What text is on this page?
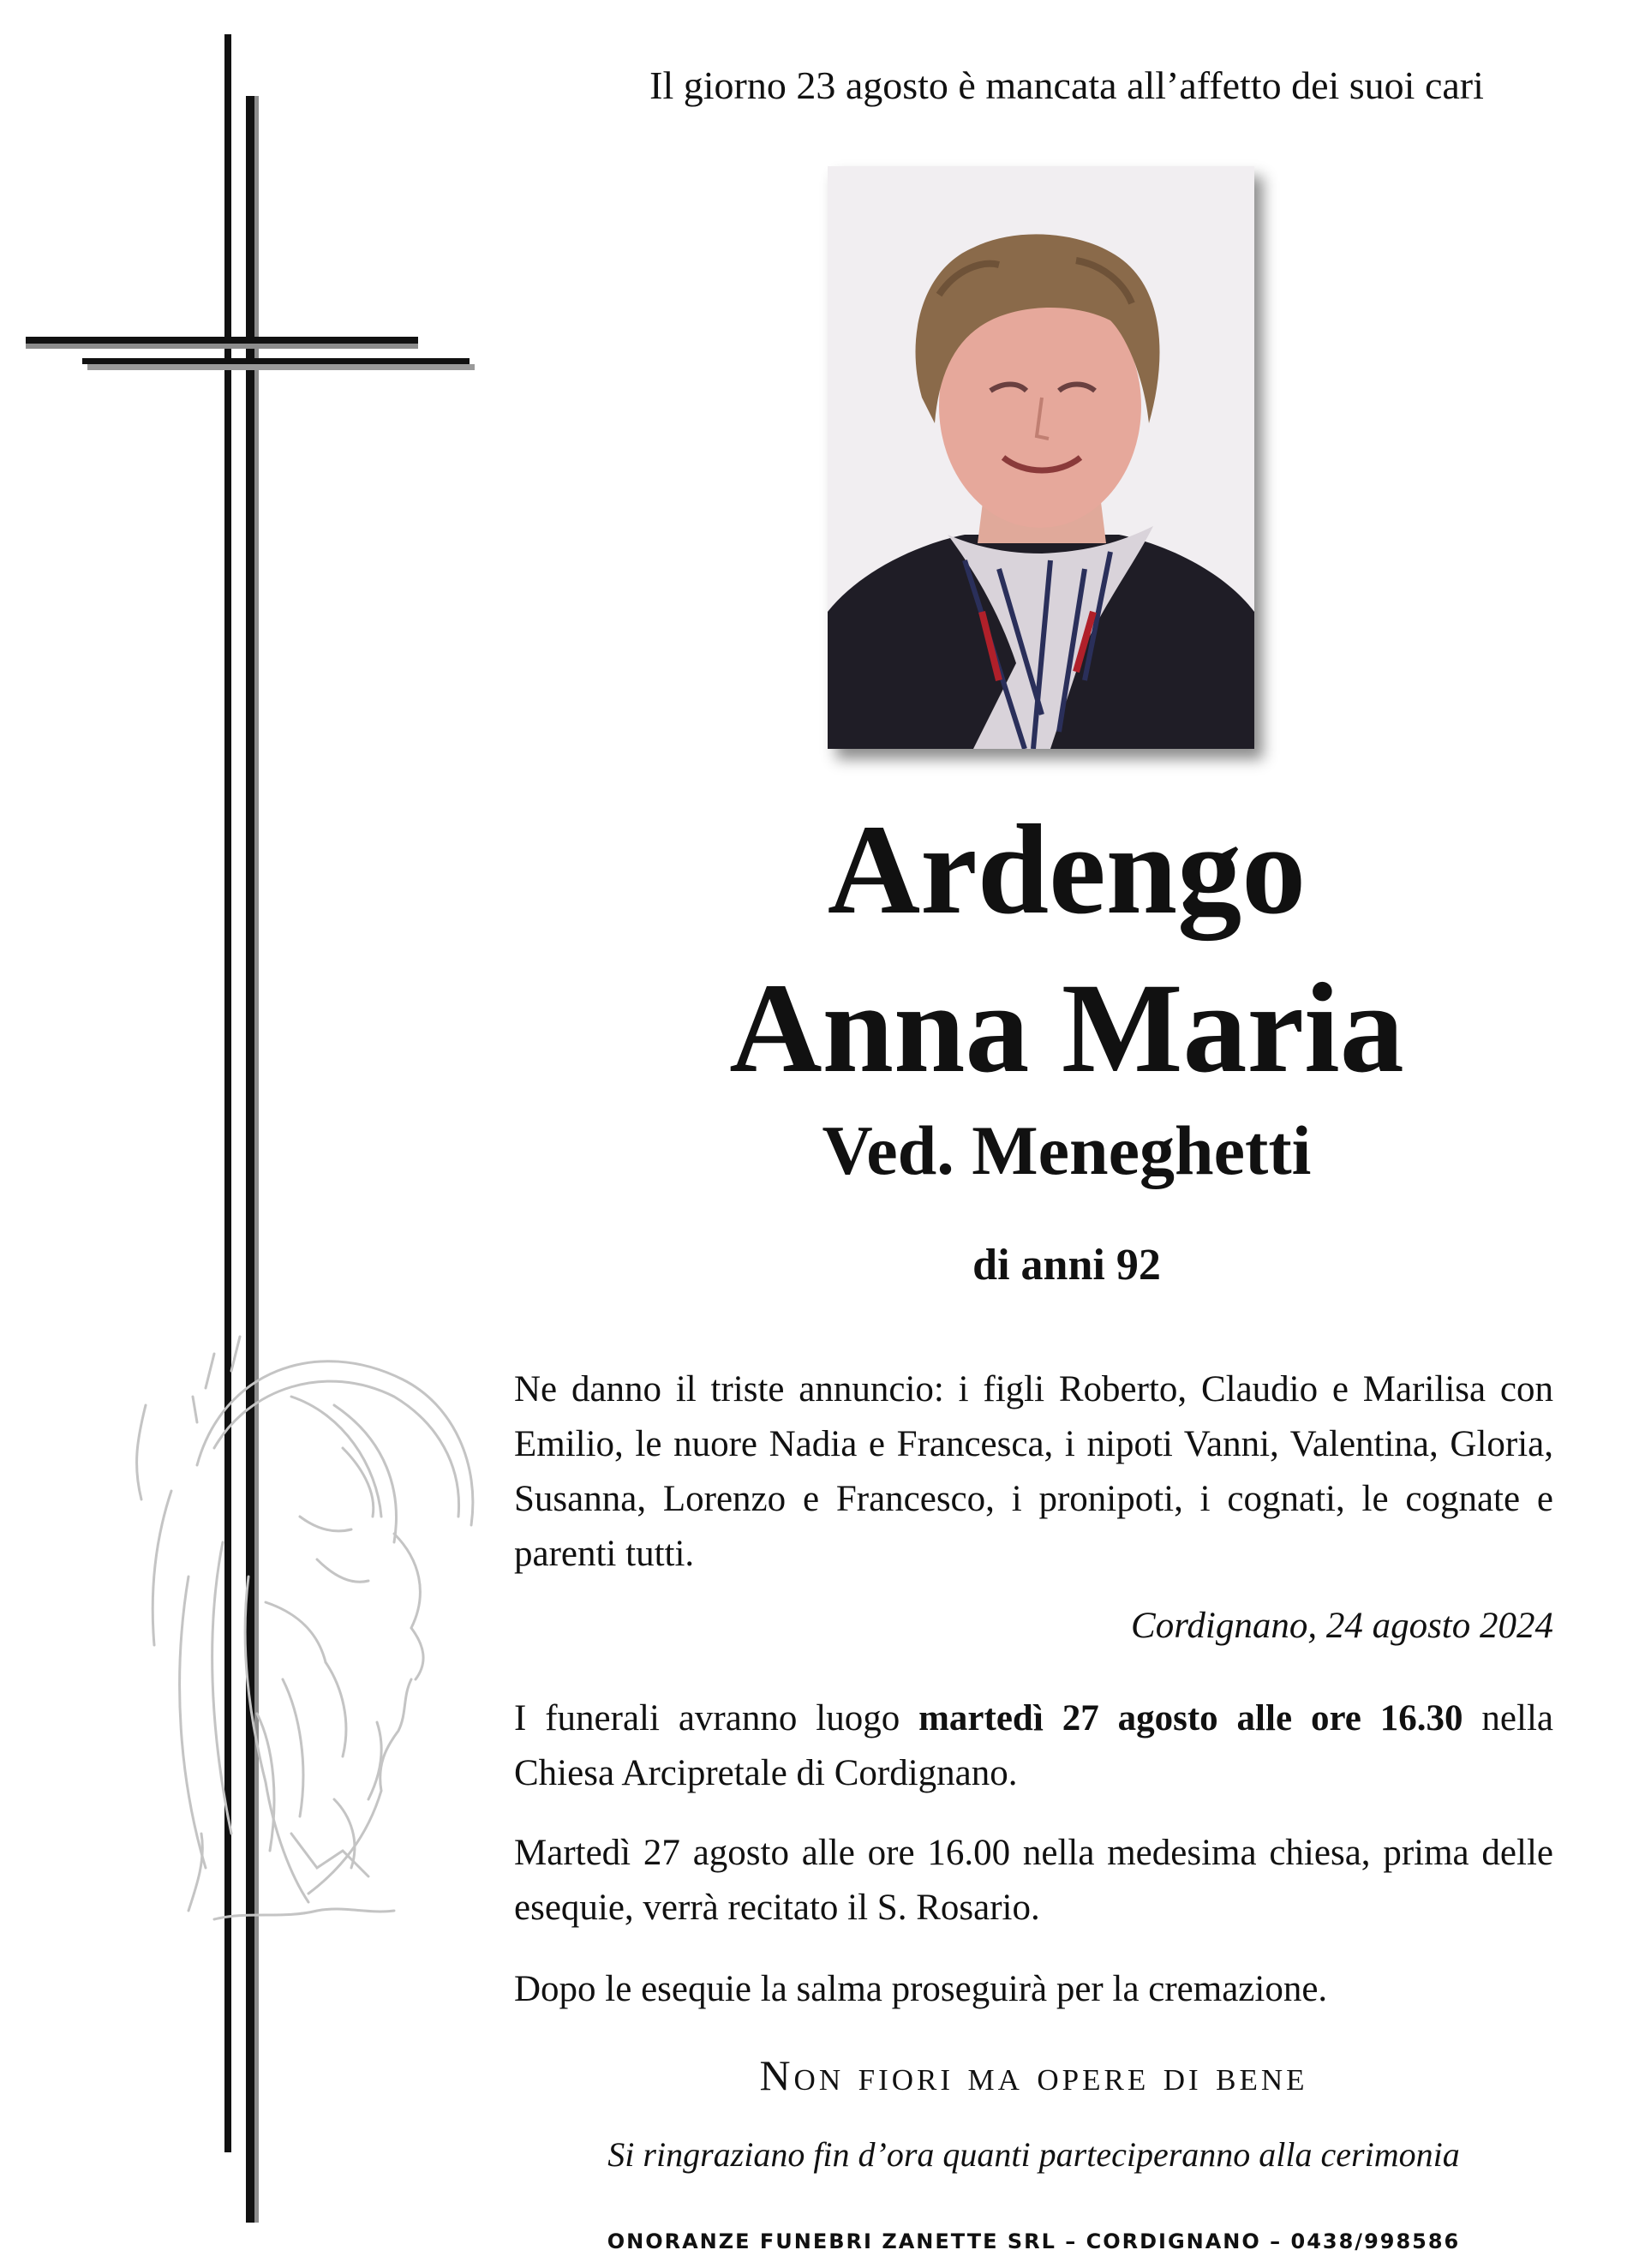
Il giorno 23 agosto è mancata all’affetto dei suoi cari
Ardengo
Anna Maria
Ved. Meneghetti
di anni 92
Ne danno il triste annuncio: i figli Roberto, Claudio e Marilisa con Emilio, le nuore Nadia e Francesca, i nipoti Vanni, Valentina, Gloria, Susanna, Lorenzo e Francesco, i pronipoti, i cognati, le cognate e parenti tutti.
Cordignano, 24 agosto 2024
I funerali avranno luogo martedì 27 agosto alle ore 16.30 nella Chiesa Arcipretale di Cordignano.
Martedì 27 agosto alle ore 16.00 nella medesima chiesa, prima delle esequie, verrà recitato il S. Rosario.
Dopo le esequie la salma proseguirà per la cremazione.
Non fiori ma opere di bene
Si ringraziano fin d’ora quanti parteciperanno alla cerimonia
ONORANZE FUNEBRI ZANETTE SRL – CORDIGNANO – 0438/998586
